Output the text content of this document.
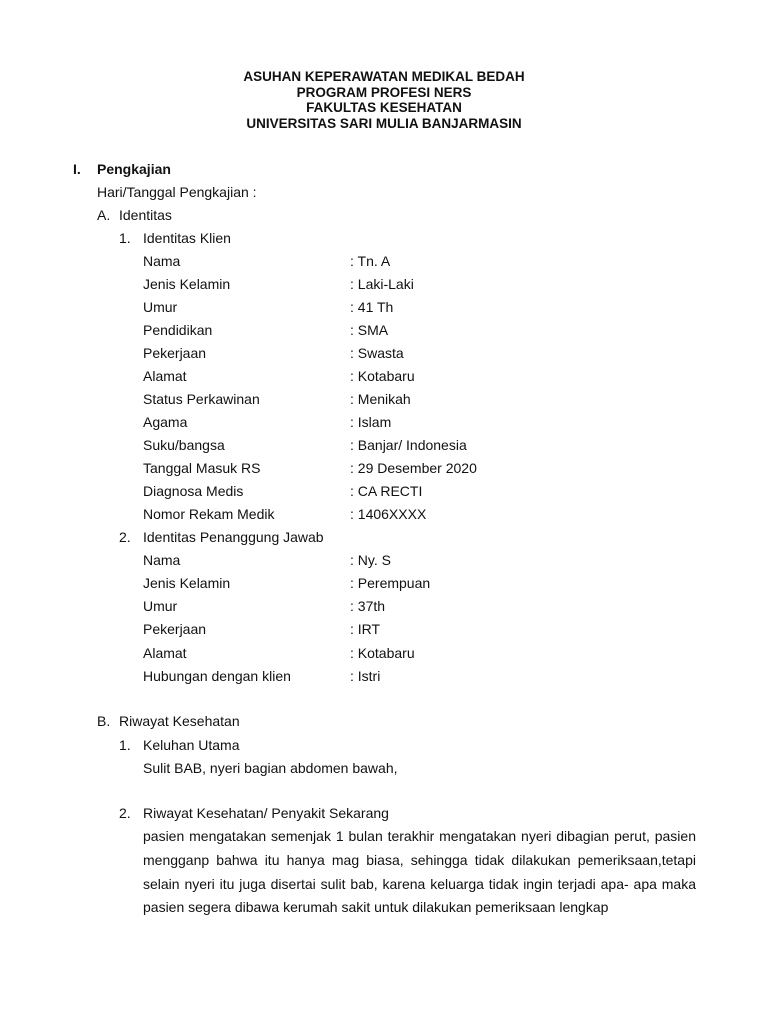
ASUHAN KEPERAWATAN MEDIKAL BEDAH
PROGRAM PROFESI NERS
FAKULTAS KESEHATAN
UNIVERSITAS SARI MULIA BANJARMASIN
I. Pengkajian
Hari/Tanggal Pengkajian :
A. Identitas
1. Identitas Klien
Nama	: Tn. A
Jenis Kelamin	: Laki-Laki
Umur	: 41 Th
Pendidikan	: SMA
Pekerjaan	: Swasta
Alamat	: Kotabaru
Status Perkawinan	: Menikah
Agama	: Islam
Suku/bangsa	: Banjar/ Indonesia
Tanggal Masuk RS	: 29 Desember 2020
Diagnosa Medis	: CA RECTI
Nomor Rekam Medik	: 1406XXXX
2. Identitas Penanggung Jawab
Nama	: Ny. S
Jenis Kelamin	: Perempuan
Umur	: 37th
Pekerjaan	: IRT
Alamat	: Kotabaru
Hubungan dengan klien	: Istri
B. Riwayat Kesehatan
1. Keluhan Utama
Sulit BAB, nyeri bagian abdomen bawah,
2. Riwayat Kesehatan/ Penyakit Sekarang
pasien mengatakan semenjak 1 bulan terakhir mengatakan nyeri dibagian perut, pasien
mengganp bahwa itu hanya mag biasa, sehingga tidak dilakukan pemeriksaan,tetapi
selain nyeri itu juga disertai sulit bab, karena keluarga tidak ingin terjadi apa- apa maka
pasien segera dibawa kerumah sakit untuk dilakukan pemeriksaan lengkap
